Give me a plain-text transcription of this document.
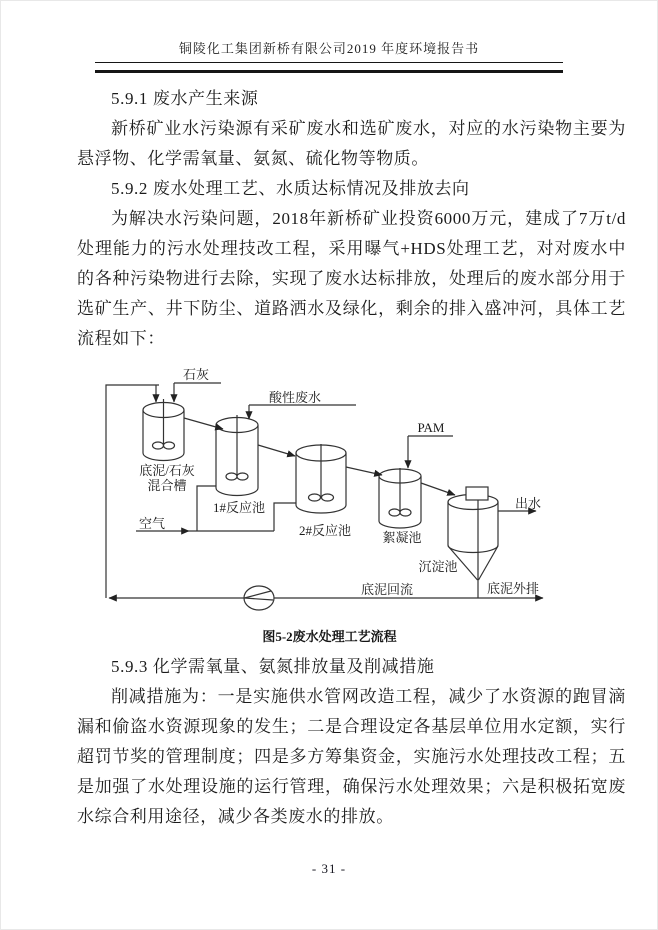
铜陵化工集团新桥有限公司2019 年度环境报告书

5.9.1 废水产生来源

新桥矿业水污染源有采矿废水和选矿废水，对应的水污染物主要为悬浮物、化学需氧量、氨氮、硫化物等物质。

5.9.2 废水处理工艺、水质达标情况及排放去向

为解决水污染问题，2018年新桥矿业投资6000万元，建成了7万t/d处理能力的污水处理技改工程，采用曝气+HDS处理工艺，对对废水中的各种污染物进行去除，实现了废水达标排放，处理后的废水部分用于选矿生产、井下防尘、道路洒水及绿化，剩余的排入盛冲河，具体工艺流程如下：

石灰
酸性废水
PAM
底泥/石灰
混合槽
1#反应池
2#反应池 絮凝池
沉淀池
空气
出水
底泥回流	底泥外排
图5-2废水处理工艺流程

5.9.3 化学需氧量、氨氮排放量及削减措施

削减措施为：一是实施供水管网改造工程，减少了水资源的跑冒滴漏和偷盗水资源现象的发生；二是合理设定各基层单位用水定额，实行超罚节奖的管理制度；四是多方筹集资金，实施污水处理技改工程；五是加强了水处理设施的运行管理，确保污水处理效果；六是积极拓宽废水综合利用途径，减少各类废水的排放。

- 31 -
